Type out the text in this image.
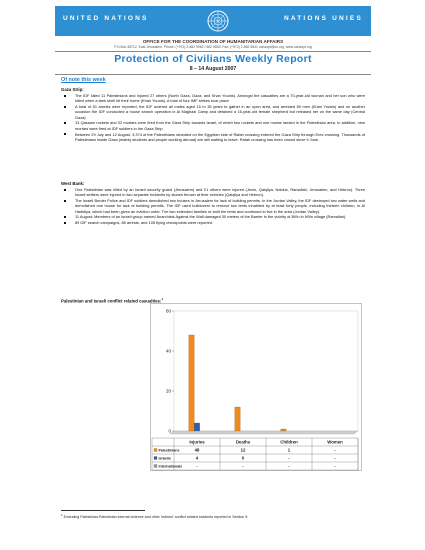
UNITED NATIONS	NATIONS UNIES
OFFICE FOR THE COORDINATION OF HUMANITARIAN AFFAIRS
P.O.Box 38712, East Jerusalem, Phone: (+972) 2-582 9962 / 582 5853, Fax: (+972) 2-582 5841 ochaopt@un.org, www.ochaopt.org
Protection of Civilians Weekly Report
8 – 14 August 2007
Of note this week
Gaza Strip:
The IDF killed 11 Palestinians and injured 27 others (North Gaza, Gaza, and Khan Younis). Amongst the casualties are a 70-year-old woman and her son who were killed when a tank shell hit their home (Khan Younis). A total of four IMF strikes took place.
A total of 51 arrests were reported; the IDF ordered all males aged 15 to 35 years to gather in an open area, and arrested 50 men (Khan Younis) and on another occasion the IDF conducted a house search operation in Al Maghazi Camp and detained a 15-year-old female shepherd but released her on the same day (Central Gaza).
13 Qassam rockets and 32 mortars were fired from the Gaza Strip towards Israel, of which two rockets and one mortar landed in the Palestinian area. In addition, nine mortars were fired at IDF soldiers in the Gaza Strip.
Between 29 July and 12 August, 3,374 of the Palestinians stranded on the Egyptian side of Rafah crossing entered the Gaza Strip through Erez crossing. Thousands of Palestinians inside Gaza (mainly students and people working abroad) are still waiting to leave. Rafah crossing has been closed since 9 June.
West Bank:
One Palestinian was killed by an Israeli security guard (Jerusalem) and 21 others were injured (Jenin, Qalqilya, Nablus, Ramallah, Jerusalem, and Hebron). Three Israeli settlers were injured in two separate incidents by stones thrown at their vehicles (Qalqilya and Hebron).
The Israeli Border Police and IDF soldiers demolished two houses in Jerusalem for lack of building permits. In the Jordan Valley, the IDF destroyed two water wells and demolished one house for lack of building permits. The IDF used bulldozers to remove two tents inhabited by at least forty people, including thirteen children, in Al Hadidiya, which had been given an eviction order. The two extended families re-built the tents and continued to live in the area (Jordan Valley).
11 August: Members of an Israeli group named Anarchists Against the Wall damaged 30 meters of the Barrier in the vicinity of Bil'in in Ni'lin village (Ramallah).
89 IDF search campaigns, 85 arrests, and 105 flying checkpoints were reported.
Palestinian and Israeli conflict related casualties:$^1$
0
20
40
60
Injuries	Deaths	Children	Women
Palestinians	48	12	1	-
Israelis	4	0	-	-
Internationals	-	-	-	-
$^1$ Excluding Palestinian-Palestinian internal violence and other 'indirect' conflict related incidents reported in Section 9.
